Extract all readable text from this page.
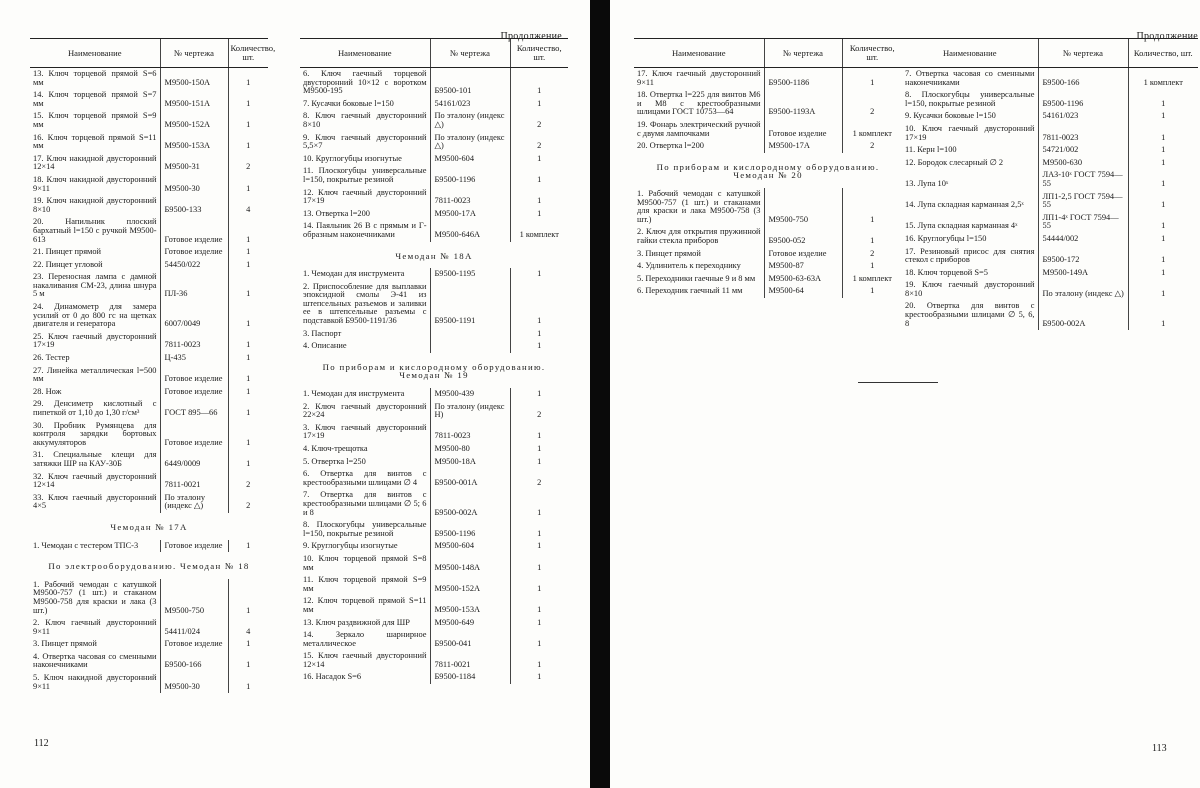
Продолжение
Наименование	№ чертежа	Количество, шт.
13. Ключ торцевой прямой S=6 мм	М9500-150А	1
14. Ключ торцевой прямой S=7 мм	М9500-151А	1
15. Ключ торцевой прямой S=9 мм	М9500-152А	1
16. Ключ торцевой прямой S=11 мм	М9500-153А	1
17. Ключ накидной двусторонний 12×14	М9500-31	2
18. Ключ накидной двусторонний 9×11	М9500-30	1
19. Ключ накидной двусторонний 8×10	Б9500-133	4
20. Напильник плоский бархатный l=150 с ручкой М9500-613	Готовое изделие	1
21. Пинцет прямой	Готовое изделие	1
22. Пинцет угловой	54450/022	1
23. Переносная лампа с дамной накаливания СМ-23, длина шнура 5 м	ПЛ-36	1
24. Динамометр для замера усилий от 0 до 800 гс на щетках двигателя и генератора	6007/0049	1
25. Ключ гаечный двусторонний 17×19	7811-0023	1
26. Тестер	Ц-435	1
27. Линейка металлическая l=500 мм	Готовое изделие	1
28. Нож	Готовое изделие	1
29. Денсиметр кислотный с пипеткой от 1,10 до 1,30 г/см³	ГОСТ 895—66	1
30. Пробник Румянцева для контроля зарядки бортовых аккумуляторов	Готовое изделие	1
31. Специальные клещи для затяжки ШР на КАУ-30Б	6449/0009	1
32. Ключ гаечный двусторонний 12×14	7811-0021	2
33. Ключ гаечный двусторонний 4×5	По эталону (индекс △)	2
Чемодан № 17А		
1. Чемодан с тестером ТПС-3	Готовое изделие	1
По электрооборудованию. Чемодан № 18		
1. Рабочий чемодан с катушкой М9500-757 (1 шт.) и стаканом М9500-758 для краски и лака (3 шт.)	М9500-750	1
2. Ключ гаечный двусторонний 9×11	54411/024	4
3. Пинцет прямой	Готовое изделие	1
4. Отвертка часовая со сменными наконечниками	Б9500-166	1
5. Ключ накидной двусторонний 9×11	М9500-30	1
Наименование	№ чертежа	Количество, шт.
6. Ключ гаечный торцевой двусторонний 10×12 с воротком М9500-195	Б9500-101	1
7. Кусачки боковые l=150	54161/023	1
8. Ключ гаечный двусторонний 8×10	По эталону (индекс △)	2
9. Ключ гаечный двусторонний 5,5×7	По эталону (индекс △)	2
10. Круглогубцы изогнутые	М9500-604	1
11. Плоскогубцы универсальные l=150, покрытые резиной	Б9500-1196	1
12. Ключ гаечный двусторонний 17×19	7811-0023	1
13. Отвертка l=200	М9500-17А	1
14. Паяльник 26 В с прямым и Г-образным наконечниками	М9500-646А	1 комплект
Чемодан № 18А		
1. Чемодан для инструмента	Б9500-1195	1
2. Приспособление для выплавки эпоксидной смолы Э-41 из штепсельных разъемов и заливки ее в штепсельные разъемы с подставкой Б9500-1191/36	Б9500-1191	1
3. Паспорт		1
4. Описание		1
По приборам и кислородному оборудованию. Чемодан № 19		
1. Чемодан для инструмента	М9500-439	1
2. Ключ гаечный двусторонний 22×24	По эталону (индекс Н)	2
3. Ключ гаечный двусторонний 17×19	7811-0023	1
4. Ключ-трещотка	М9500-80	1
5. Отвертка l=250	М9500-18А	1
6. Отвертка для винтов с крестообразными шлицами ∅ 4	Б9500-001А	2
7. Отвертка для винтов с крестообразными шлицами ∅ 5; 6 и 8	Б9500-002А	1
8. Плоскогубцы универсальные l=150, покрытые резиной	Б9500-1196	1
9. Круглогубцы изогнутые	М9500-604	1
10. Ключ торцевой прямой S=8 мм	М9500-148А	1
11. Ключ торцевой прямой S=9 мм	М9500-152А	1
12. Ключ торцевой прямой S=11 мм	М9500-153А	1
13. Ключ раздвижной для ШР	М9500-649	1
14. Зеркало шарнирное металлическое	Б9500-041	1
15. Ключ гаечный двусторонний 12×14	7811-0021	1
16. Насадок S=6	Б9500-1184	1
112
Продолжение
Наименование	№ чертежа	Количество, шт.
17. Ключ гаечный двусторонний 9×11	Б9500-1186	1
18. Отвертка l=225 для винтов М6 и М8 с крестообразными шлицами ГОСТ 10753—64	Б9500-1193А	2
19. Фонарь электрический ручной с двумя лампочками	Готовое изделие	1 комплект
20. Отвертка l=200	М9500-17А	2
По приборам и кислородному оборудованию. Чемодан № 20		
1. Рабочий чемодан с катушкой М9500-757 (1 шт.) и стаканами для краски и лака М9500-758 (3 шт.)	М9500-750	1
2. Ключ для открытия пружинной гайки стекла приборов	Б9500-052	1
3. Пинцет прямой	Готовое изделие	2
4. Удлинитель к переходнику	М9500-87	1
5. Переходники гаечные 9 и 8 мм	М9500-63-63А	1 комплект
6. Переходник гаечный 11 мм	М9500-64	1
Наименование	№ чертежа	Количество, шт.
7. Отвертка часовая со сменными наконечниками	Б9500-166	1 комплект
8. Плоскогубцы универсальные l=150, покрытые резиной	Б9500-1196	1
9. Кусачки боковые l=150	54161/023	1
10. Ключ гаечный двусторонний 17×19	7811-0023	1
11. Керн l=100	54721/002	1
12. Бородок слесарный ∅ 2	М9500-630	1
13. Лупа 10ˣ	ЛАЗ-10ˣ ГОСТ 7594—55	1
14. Лупа складная карманная 2,5ˣ	ЛП1-2,5 ГОСТ 7594—55	1
15. Лупа складная карманная 4ˣ	ЛП1-4ˣ ГОСТ 7594—55	1
16. Круглогубцы l=150	54444/002	1
17. Резиновый присос для снятия стекол с приборов	Б9500-172	1
18. Ключ торцевой S=5	М9500-149А	1
19. Ключ гаечный двусторонний 8×10	По эталону (индекс △)	1
20. Отвертка для винтов с крестообразными шлицами ∅ 5, 6, 8	Б9500-002А	1
113
